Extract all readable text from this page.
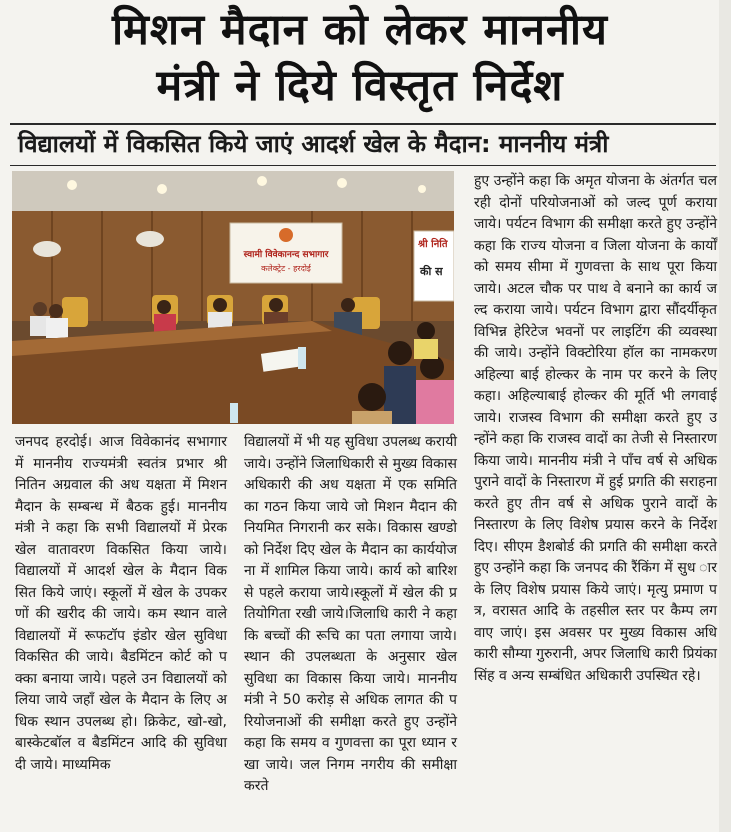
मिशन मैदान को लेकर माननीय
मंत्री ने दिये विस्तृत निर्देश
विद्यालयों में विकसित किये जाएं आदर्श खेल के मैदान: माननीय मंत्री
स्वामी विवेकानन्द सभागार
कलेक्ट्रेट - हरदोई
श्री निति
की स

जनपद हरदोई। आज विवेकानंद सभागार में माननीय राज्यमंत्री स्वतंत्र प्रभार श्री नितिन अग्रवाल की अध यक्षता में मिशन मैदान के सम्बन्ध में बैठक हुई। माननीय मंत्री ने कहा कि सभी विद्यालयों में प्रेरक खेल वातावरण विकसित किया जाये। विद्यालयों में आदर्श खेल के मैदान विकसित किये जाएं। स्कूलों में खेल के उपकरणों की खरीद की जाये। कम स्थान वाले विद्यालयों में रूफटॉप इंडोर खेल सुविधा विकसित की जाये। बैडमिंटन कोर्ट को पक्का बनाया जाये। पहले उन विद्यालयों को लिया जाये जहाँ खेल के मैदान के लिए अधिक स्थान उपलब्ध हो। क्रिकेट, खो-खो, बास्केटबॉल व बैडमिंटन आदि की सुविधा दी जाये। माध्यमिक

विद्यालयों में भी यह सुविधा उपलब्ध करायी जाये। उन्होंने जिलाधिकारी से मुख्य विकास अधिकारी की अध यक्षता में एक समिति का गठन किया जाये जो मिशन मैदान की नियमित निगरानी कर सके। विकास खण्डो को निर्देश दिए खेल के मैदान का कार्ययोजना में शामिल किया जाये। कार्य को बारिश से पहले कराया जाये।स्कूलों में खेल की प्रतियोगिता रखी जाये।जिलाधि कारी ने कहा कि बच्चों की रूचि का पता लगाया जाये। स्थान की उपलब्धता के अनुसार खेल सुविधा का विकास किया जाये। माननीय मंत्री ने 50 करोड़ से अधिक लागत की परियोजनाओं की समीक्षा करते हुए उन्होंने कहा कि समय व गुणवत्ता का पूरा ध्यान रखा जाये। जल निगम नगरीय की समीक्षा करते

हुए उन्होंने कहा कि अमृत योजना के अंतर्गत चल रही दोनों परियोजनाओं को जल्द पूर्ण कराया जाये। पर्यटन विभाग की समीक्षा करते हुए उन्होंने कहा कि राज्य योजना व जिला योजना के कार्यों को समय सीमा में गुणवत्ता के साथ पूरा किया जाये। अटल चौक पर पाथ वे बनाने का कार्य जल्द कराया जाये। पर्यटन विभाग द्वारा सौंदर्यीकृत विभिन्न हेरिटेज भवनों पर लाइटिंग की व्यवस्था की जाये। उन्होंने विक्टोरिया हॉल का नामकरण अहिल्या बाई होल्कर के नाम पर करने के लिए कहा। अहिल्याबाई होल्कर की मूर्ति भी लगवाई जाये। राजस्व विभाग की समीक्षा करते हुए उन्होंने कहा कि राजस्व वादों का तेजी से निस्तारण किया जाये। माननीय मंत्री ने पाँच वर्ष से अधिक पुराने वादों के निस्तारण में हुई प्रगति की सराहना करते हुए तीन वर्ष से अधिक पुराने वादों के निस्तारण के लिए विशेष प्रयास करने के निर्देश दिए। सीएम डैशबोर्ड की प्रगति की समीक्षा करते हुए उन्होंने कहा कि जनपद की रैंकिंग में सुध ार के लिए विशेष प्रयास किये जाएं। मृत्यु प्रमाण पत्र, वरासत आदि के तहसील स्तर पर कैम्प लगवाए जाएं। इस अवसर पर मुख्य विकास अधि कारी सौम्या गुरुरानी, अपर जिलाधि कारी प्रियंका सिंह व अन्य सम्बंधित अधिकारी उपस्थित रहे।
